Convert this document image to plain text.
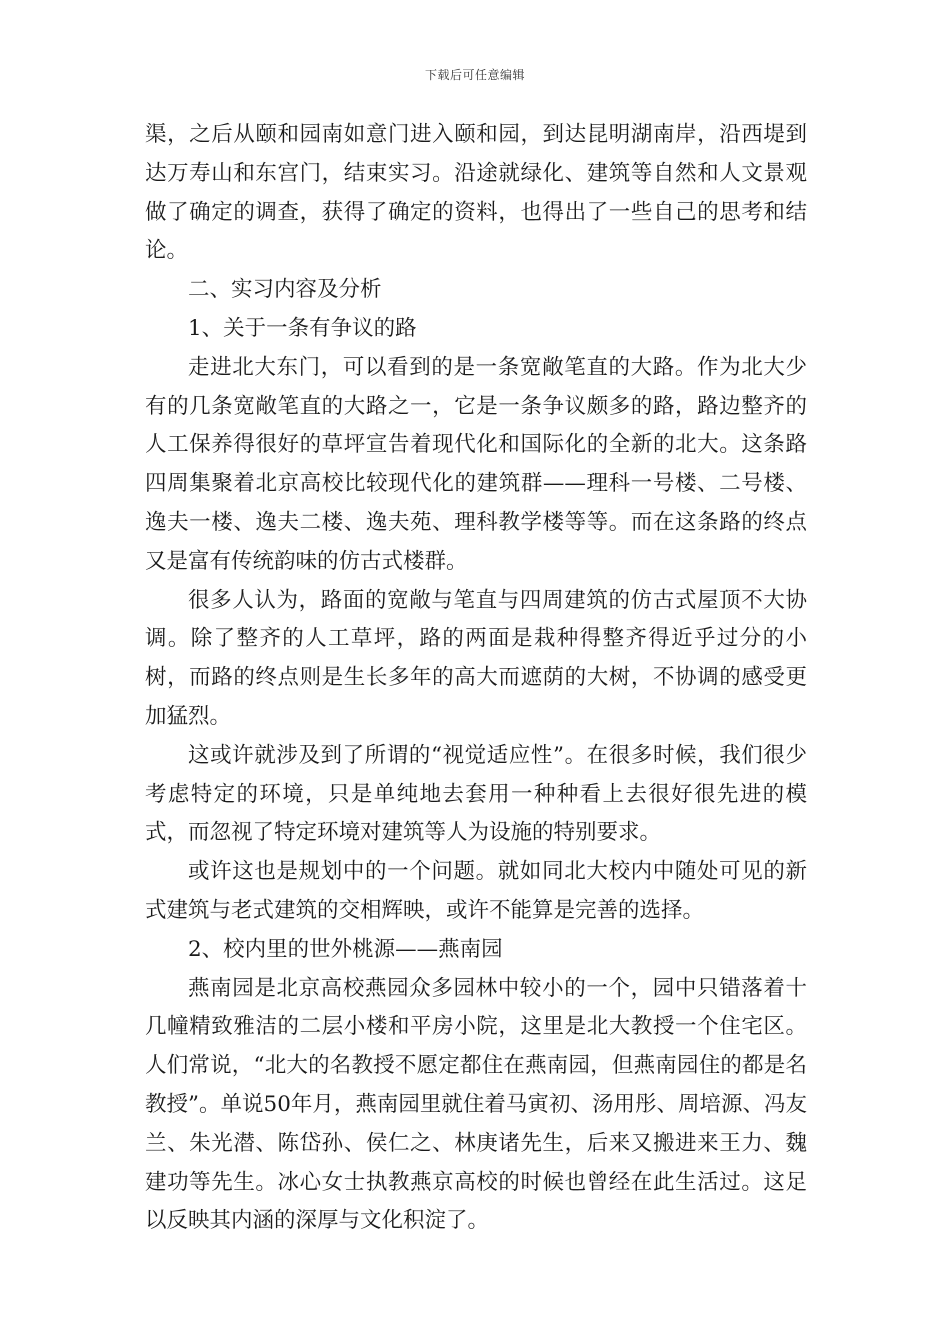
下载后可任意编辑

渠，之后从颐和园南如意门进入颐和园，到达昆明湖南岸，沿西堤到达万寿山和东宫门，结束实习。沿途就绿化、建筑等自然和人文景观做了确定的调查，获得了确定的资料，也得出了一些自己的思考和结论。

二、实习内容及分析

1、关于一条有争议的路

走进北大东门，可以看到的是一条宽敞笔直的大路。作为北大少有的几条宽敞笔直的大路之一，它是一条争议颇多的路，路边整齐的人工保养得很好的草坪宣告着现代化和国际化的全新的北大。这条路四周集聚着北京高校比较现代化的建筑群——理科一号楼、二号楼、逸夫一楼、逸夫二楼、逸夫苑、理科教学楼等等。而在这条路的终点又是富有传统韵味的仿古式楼群。

很多人认为，路面的宽敞与笔直与四周建筑的仿古式屋顶不大协调。除了整齐的人工草坪，路的两面是栽种得整齐得近乎过分的小树，而路的终点则是生长多年的高大而遮荫的大树，不协调的感受更加猛烈。

这或许就涉及到了所谓的“视觉适应性”。在很多时候，我们很少考虑特定的环境，只是单纯地去套用一种种看上去很好很先进的模式，而忽视了特定环境对建筑等人为设施的特别要求。

或许这也是规划中的一个问题。就如同北大校内中随处可见的新式建筑与老式建筑的交相辉映，或许不能算是完善的选择。

2、校内里的世外桃源——燕南园

燕南园是北京高校燕园众多园林中较小的一个，园中只错落着十几幢精致雅洁的二层小楼和平房小院，这里是北大教授一个住宅区。人们常说，“北大的名教授不愿定都住在燕南园，但燕南园住的都是名教授”。单说50年月，燕南园里就住着马寅初、汤用彤、周培源、冯友兰、朱光潜、陈岱孙、侯仁之、林庚诸先生，后来又搬进来王力、魏建功等先生。冰心女士执教燕京高校的时候也曾经在此生活过。这足以反映其内涵的深厚与文化积淀了。
